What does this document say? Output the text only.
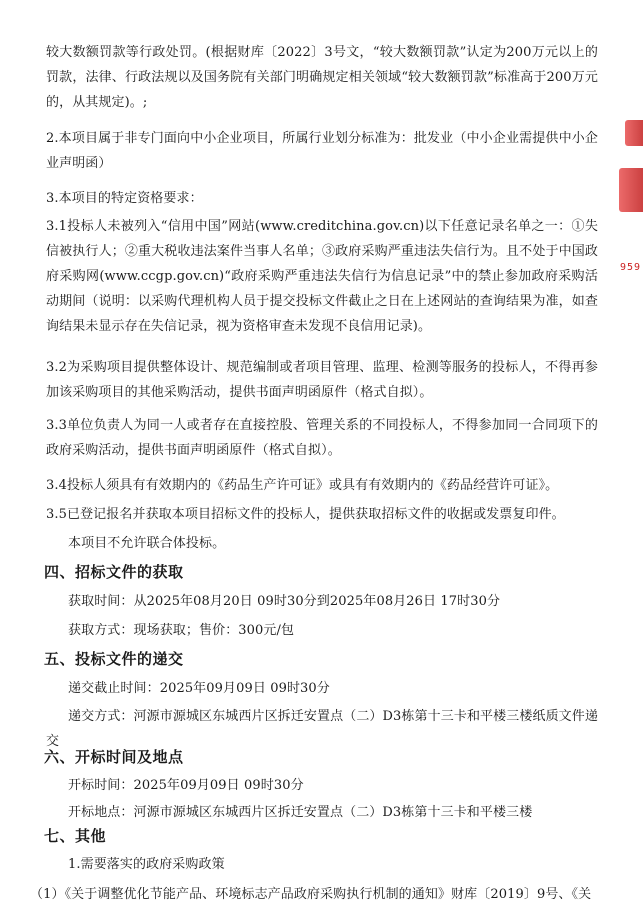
较大数额罚款等行政处罚。(根据财库〔2022〕3号文，“较大数额罚款”认定为200万元以上的罚款，法律、行政法规以及国务院有关部门明确规定相关领域“较大数额罚款”标准高于200万元的，从其规定)。;
2.本项目属于非专门面向中小企业项目，所属行业划分标准为：批发业（中小企业需提供中小企业声明函）
3.本项目的特定资格要求：
3.1投标人未被列入“信用中国”网站(www.creditchina.gov.cn)以下任意记录名单之一：①失信被执行人；②重大税收违法案件当事人名单；③政府采购严重违法失信行为。且不处于中国政府采购网(www.ccgp.gov.cn)“政府采购严重违法失信行为信息记录”中的禁止参加政府采购活动期间（说明：以采购代理机构人员于提交投标文件截止之日在上述网站的查询结果为准，如查询结果未显示存在失信记录，视为资格审查未发现不良信用记录)。
3.2为采购项目提供整体设计、规范编制或者项目管理、监理、检测等服务的投标人，不得再参加该采购项目的其他采购活动，提供书面声明函原件（格式自拟）。
3.3单位负责人为同一人或者存在直接控股、管理关系的不同投标人，不得参加同一合同项下的政府采购活动，提供书面声明函原件（格式自拟）。
3.4投标人须具有有效期内的《药品生产许可证》或具有有效期内的《药品经营许可证》。
3.5已登记报名并获取本项目招标文件的投标人，提供获取招标文件的收据或发票复印件。
本项目不允许联合体投标。
四、招标文件的获取
获取时间：从2025年08月20日 09时30分到2025年08月26日 17时30分
获取方式：现场获取；售价：300元/包
五、投标文件的递交
递交截止时间：2025年09月09日 09时30分
递交方式：河源市源城区东城西片区拆迁安置点（二）D3栋第十三卡和平楼三楼纸质文件递交
六、开标时间及地点
开标时间：2025年09月09日 09时30分
开标地点：河源市源城区东城西片区拆迁安置点（二）D3栋第十三卡和平楼三楼
七、其他
1.需要落实的政府采购政策
（1）《关于调整优化节能产品、环境标志产品政府采购执行机制的通知》财库〔2019〕9号、《关
959
